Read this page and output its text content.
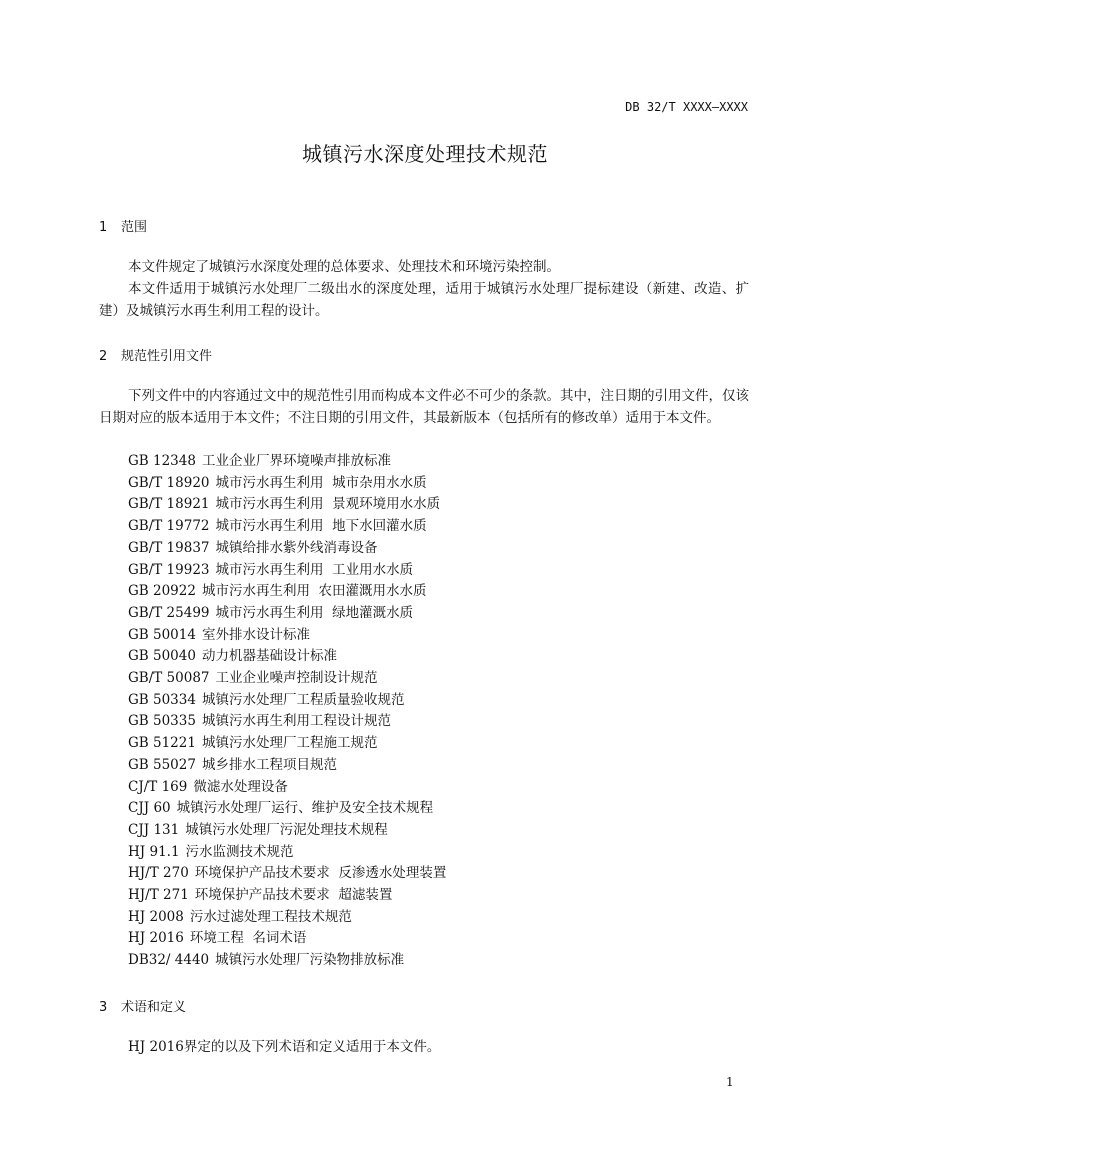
DB 32/T XXXX—XXXX
城镇污水深度处理技术规范
1 范围

本文件规定了城镇污水深度处理的总体要求、处理技术和环境污染控制。

本文件适用于城镇污水处理厂二级出水的深度处理，适用于城镇污水处理厂提标建设（新建、改造、扩建）及城镇污水再生利用工程的设计。

2 规范性引用文件

下列文件中的内容通过文中的规范性引用而构成本文件必不可少的条款。其中，注日期的引用文件，仅该日期对应的版本适用于本文件；不注日期的引用文件，其最新版本（包括所有的修改单）适用于本文件。

GB 12348 工业企业厂界环境噪声排放标准
GB/T 18920 城市污水再生利用  城市杂用水水质
GB/T 18921 城市污水再生利用  景观环境用水水质
GB/T 19772 城市污水再生利用  地下水回灌水质
GB/T 19837 城镇给排水紫外线消毒设备
GB/T 19923 城市污水再生利用  工业用水水质
GB 20922 城市污水再生利用  农田灌溉用水水质
GB/T 25499 城市污水再生利用  绿地灌溉水质
GB 50014 室外排水设计标准
GB 50040 动力机器基础设计标准
GB/T 50087 工业企业噪声控制设计规范
GB 50334 城镇污水处理厂工程质量验收规范
GB 50335 城镇污水再生利用工程设计规范
GB 51221 城镇污水处理厂工程施工规范
GB 55027 城乡排水工程项目规范
CJ/T 169 微滤水处理设备
CJJ 60 城镇污水处理厂运行、维护及安全技术规程
CJJ 131 城镇污水处理厂污泥处理技术规程
HJ 91.1 污水监测技术规范
HJ/T 270 环境保护产品技术要求  反渗透水处理装置
HJ/T 271 环境保护产品技术要求  超滤装置
HJ 2008 污水过滤处理工程技术规范
HJ 2016 环境工程  名词术语
DB32/ 4440 城镇污水处理厂污染物排放标准
3 术语和定义

HJ 2016界定的以及下列术语和定义适用于本文件。

1
